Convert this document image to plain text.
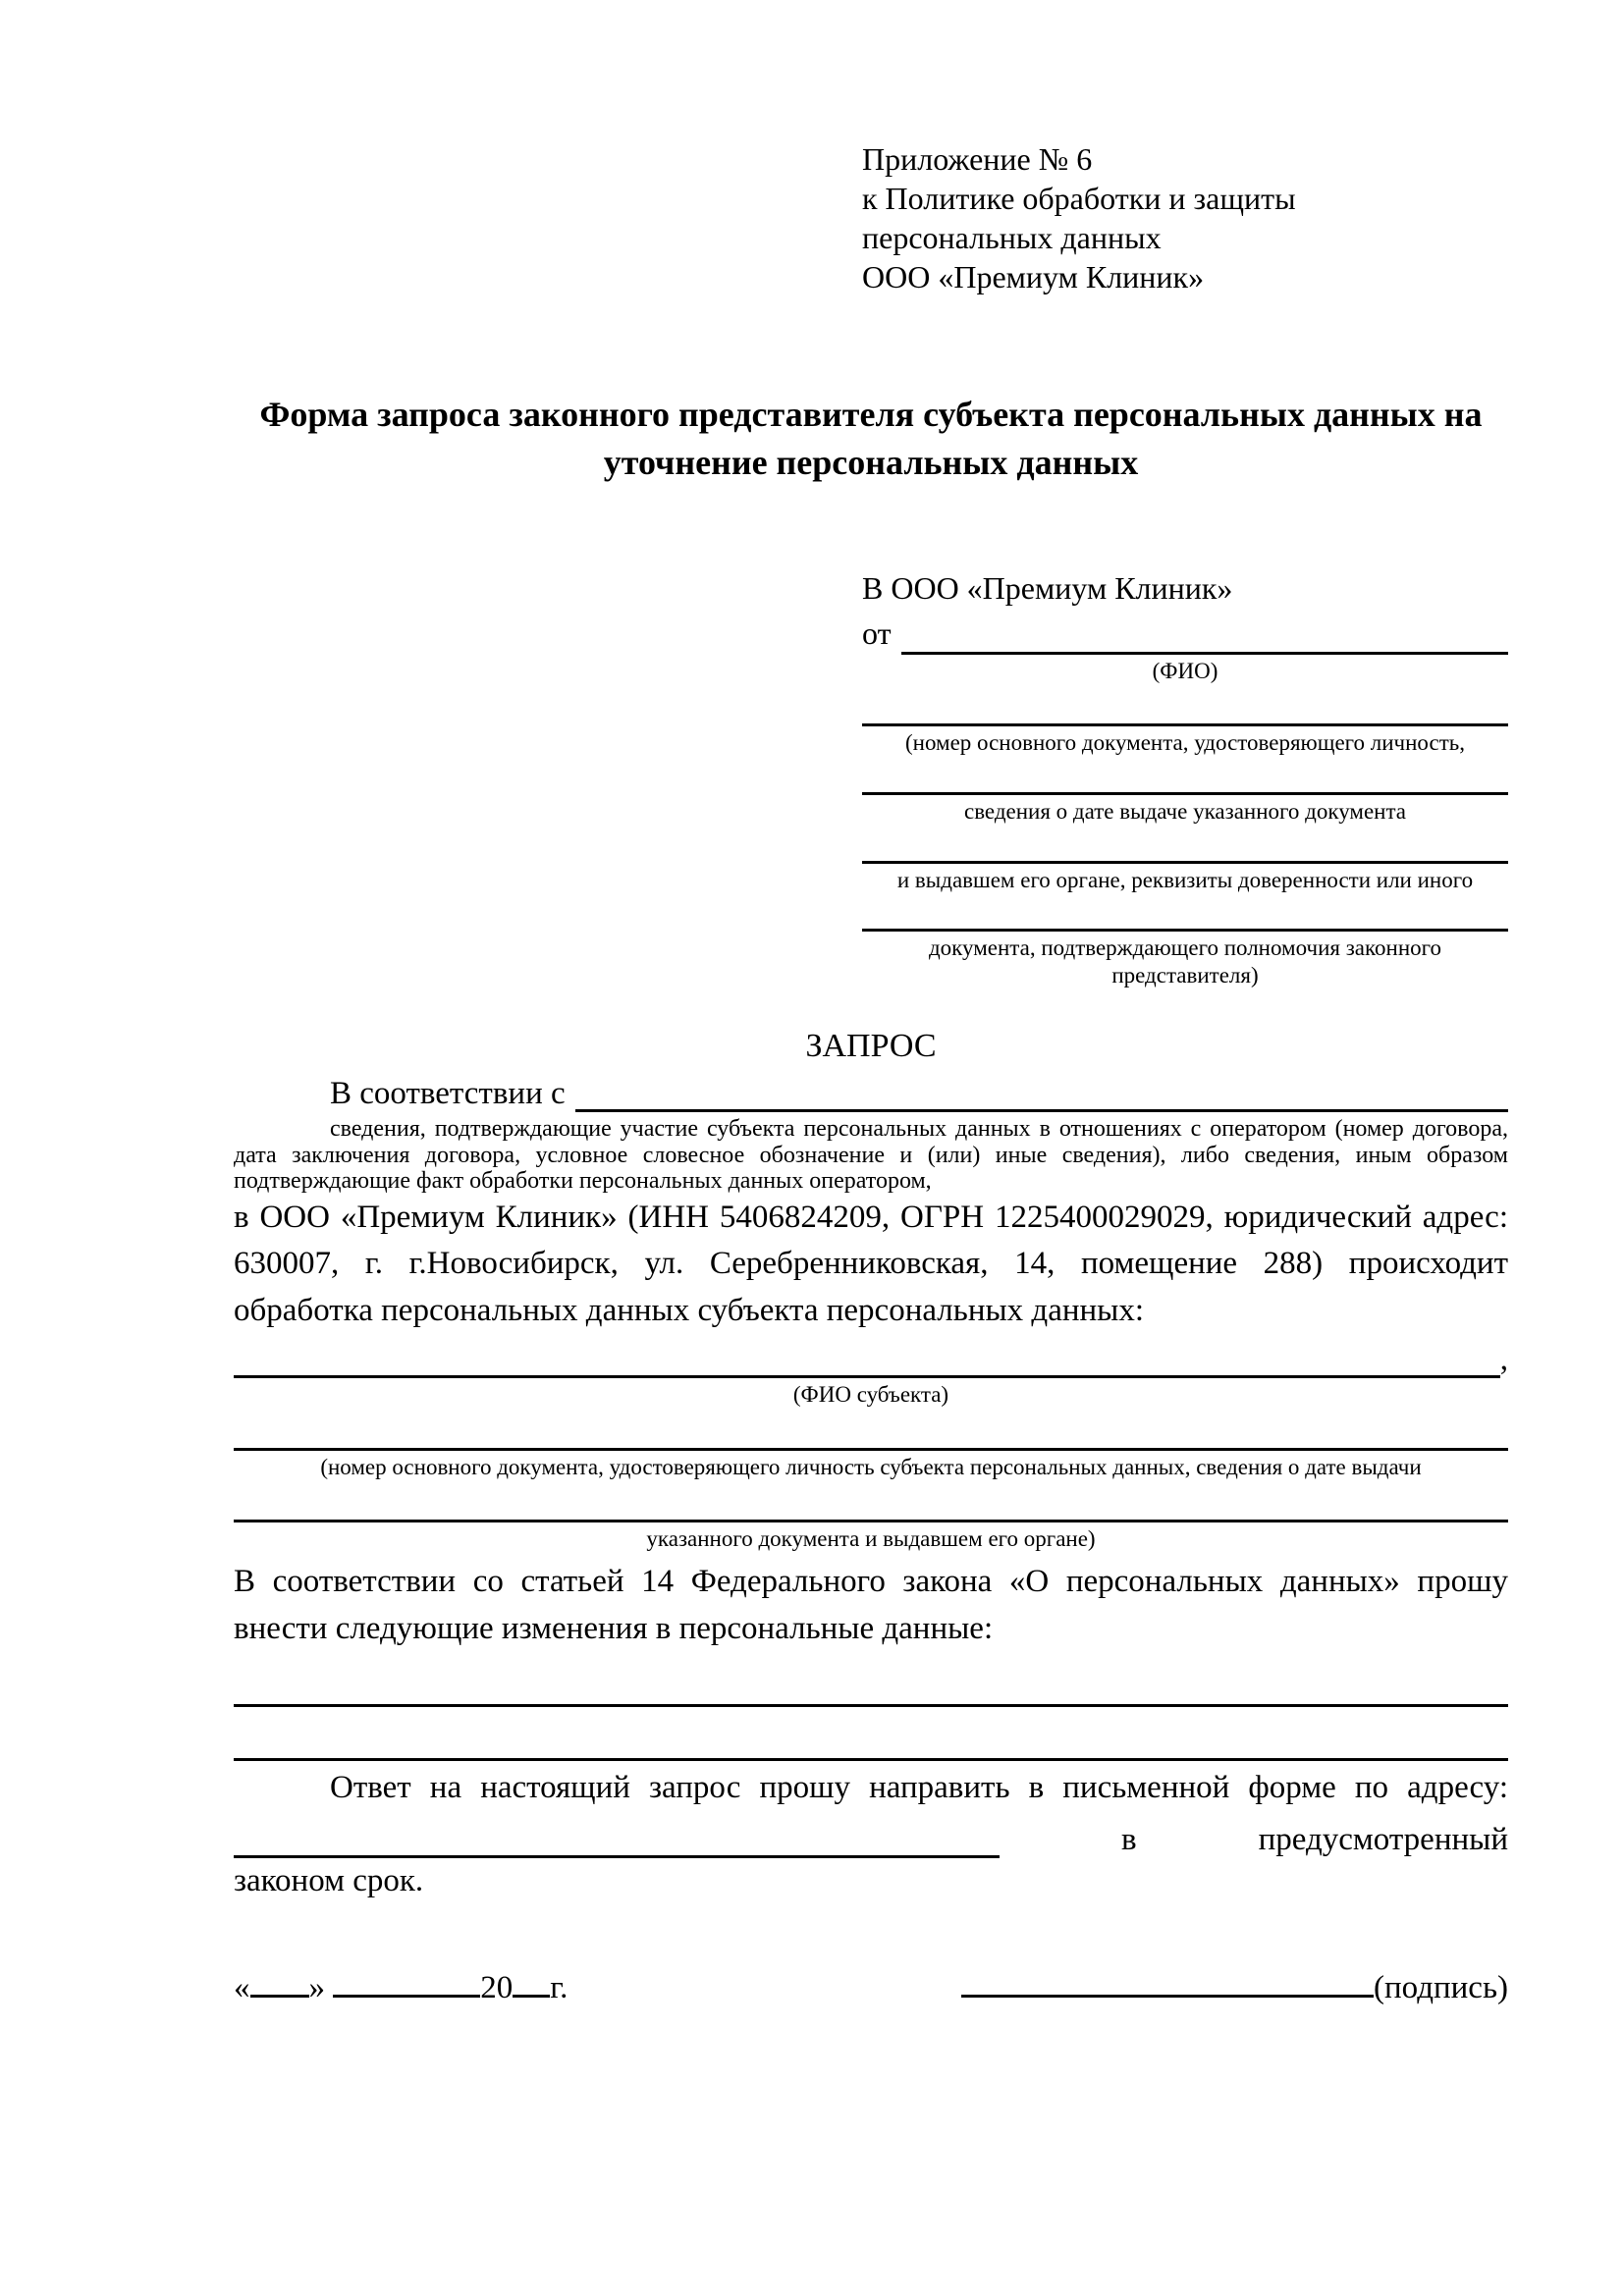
Приложение № 6
к Политике обработки и защиты
персональных данных
ООО «Премиум Клиник»
Форма запроса законного представителя субъекта персональных данных на уточнение персональных данных
В ООО «Премиум Клиник»
от
(ФИО)
(номер основного документа, удостоверяющего личность,
сведения о дате выдаче указанного документа
и выдавшем его органе, реквизиты доверенности или иного
документа, подтверждающего полномочия законного представителя)
ЗАПРОС
В соответствии с
сведения, подтверждающие участие субъекта персональных данных в отношениях с оператором (номер договора, дата заключения договора, условное словесное обозначение и (или) иные сведения), либо сведения, иным образом подтверждающие факт обработки персональных данных оператором,
в ООО «Премиум Клиник» (ИНН 5406824209, ОГРН 1225400029029, юридический адрес: 630007, г. г.Новосибирск, ул. Серебренниковская, 14, помещение 288) происходит обработка персональных данных субъекта персональных данных:
,
(ФИО субъекта)
(номер основного документа, удостоверяющего личность субъекта персональных данных, сведения о дате выдачи
указанного документа и выдавшем его органе)
В соответствии со статьей 14 Федерального закона «О персональных данных» прошу внести следующие изменения в персональные данные:
Ответ на настоящий запрос прошу направить в письменной форме по адресу:
в	предусмотренный
законом срок.
« »	20 г.	(подпись)
